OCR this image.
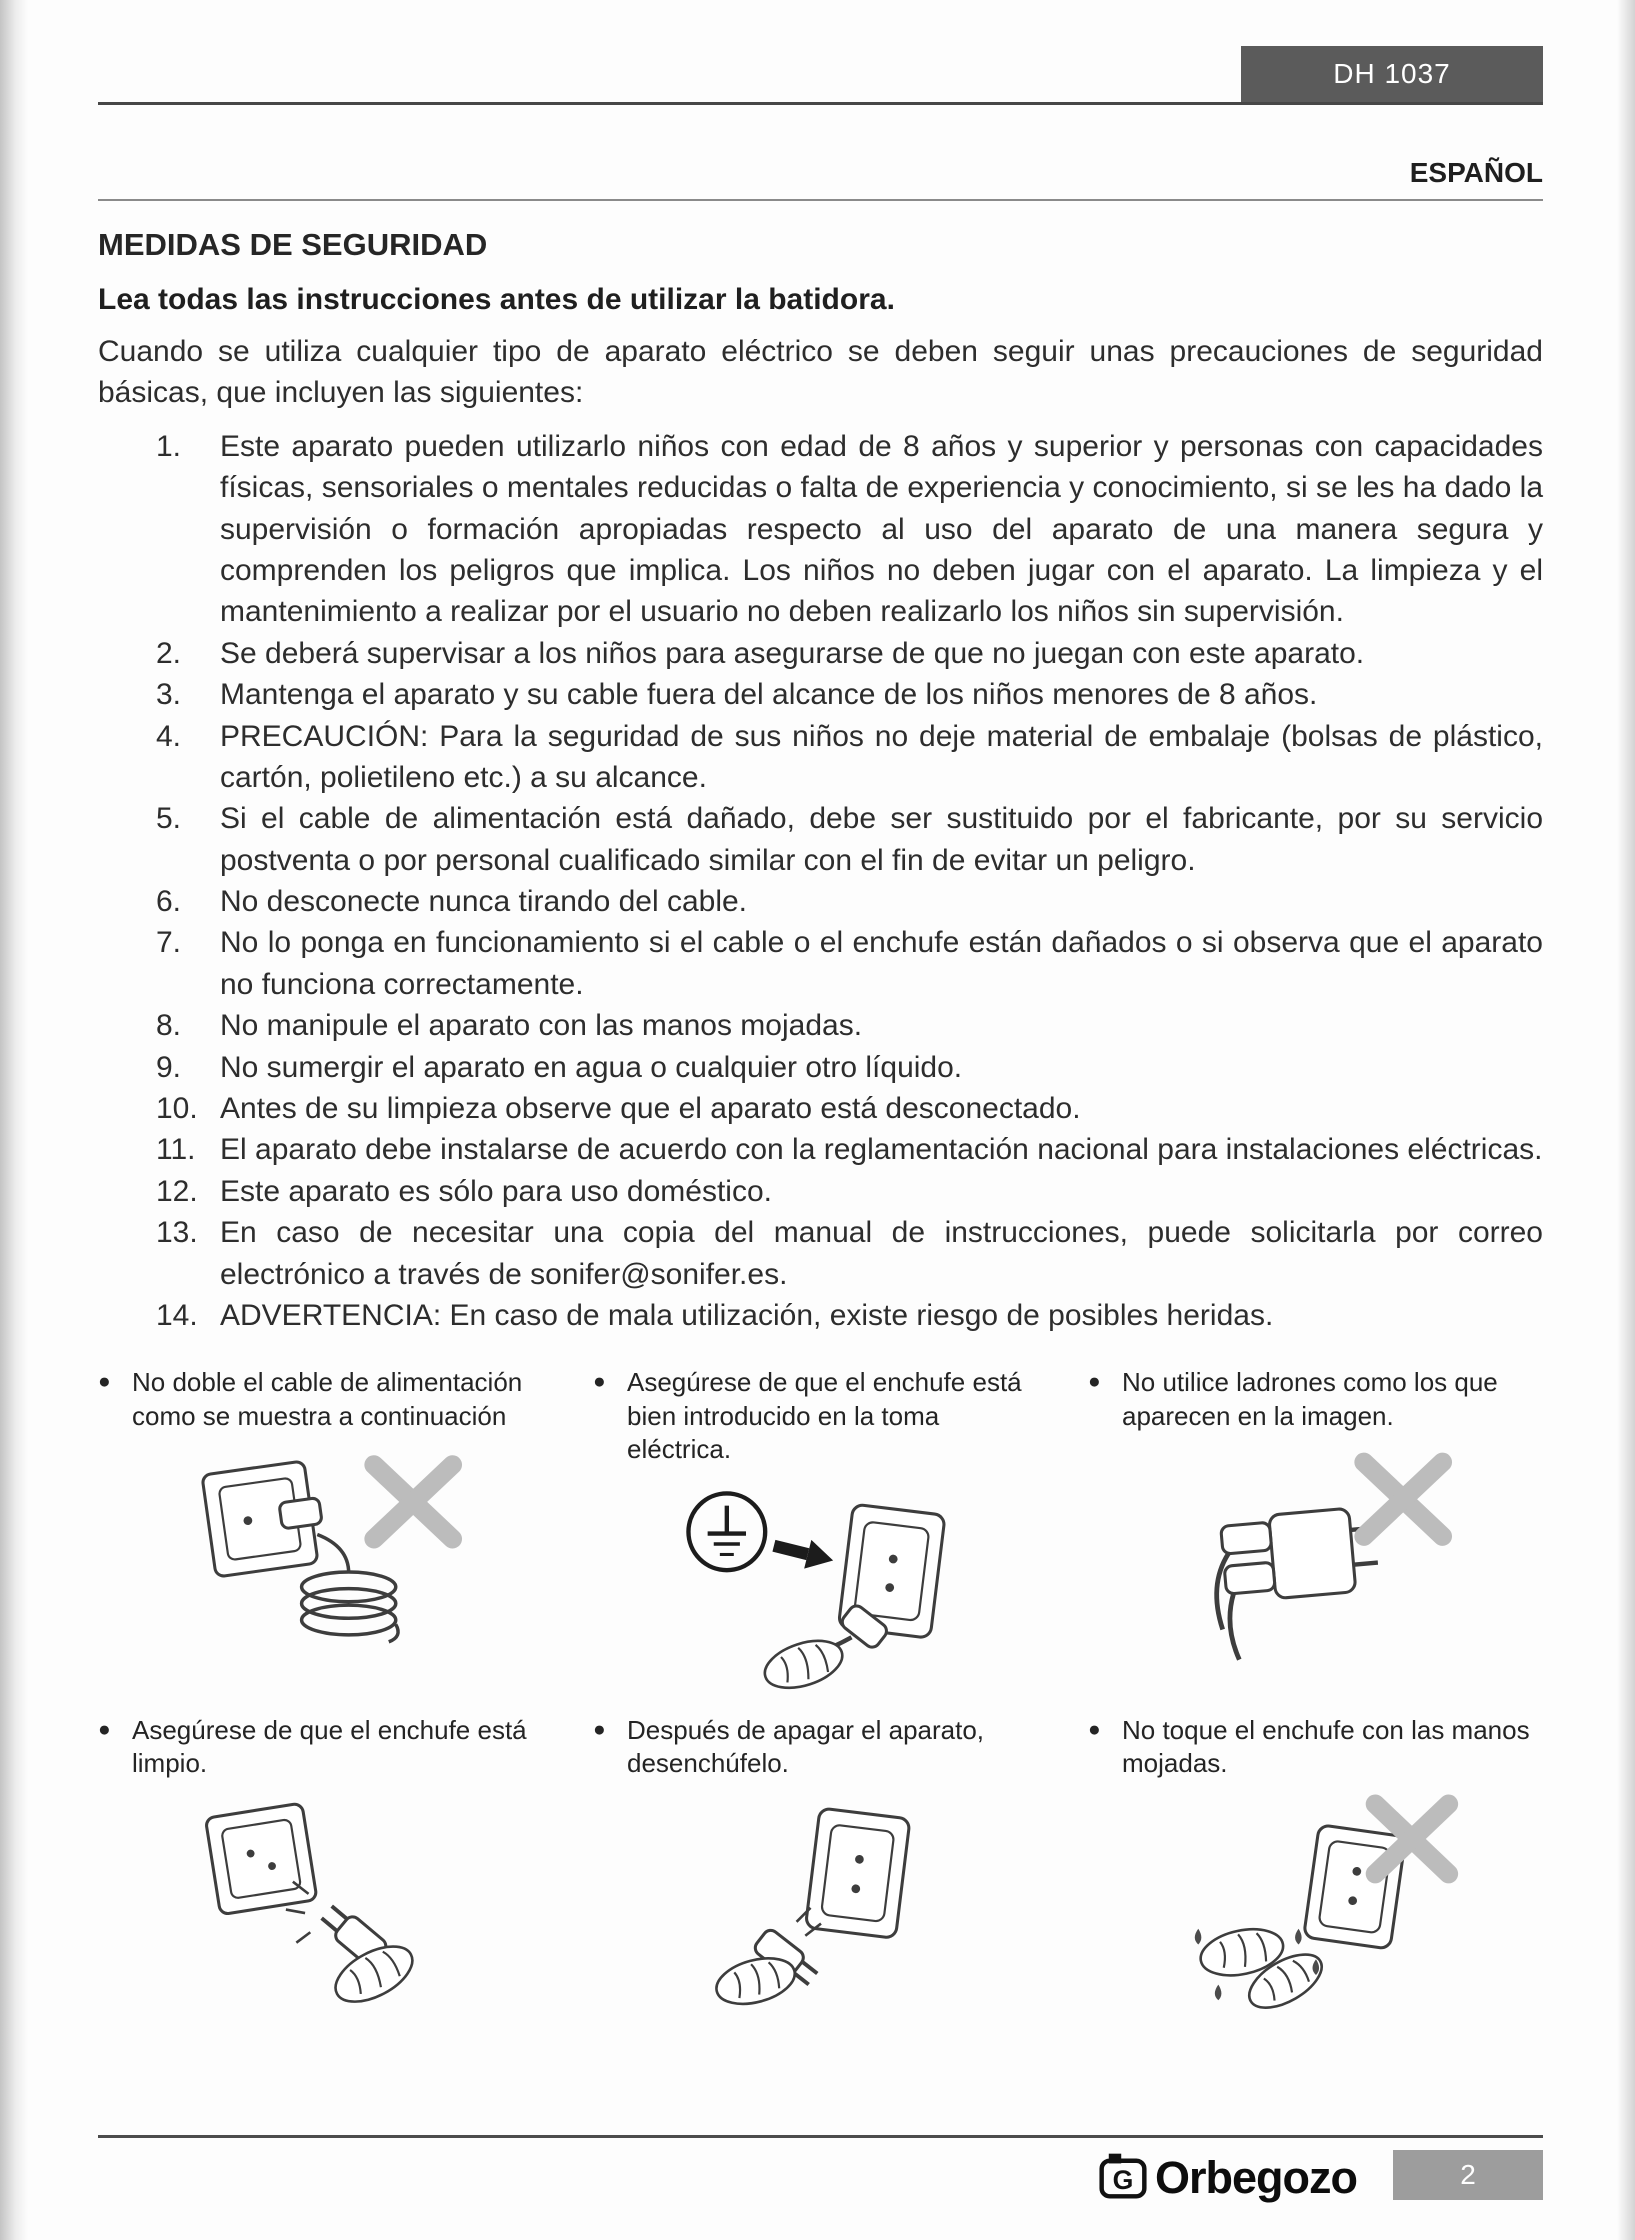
DH 1037
ESPAÑOL
MEDIDAS DE SEGURIDAD

Lea todas las instrucciones antes de utilizar la batidora.

Cuando se utiliza cualquier tipo de aparato eléctrico se deben seguir unas precauciones de seguridad básicas, que incluyen las siguientes:

1.	Este aparato pueden utilizarlo niños con edad de 8 años y superior y personas con capacidades físicas, sensoriales o mentales reducidas o falta de experiencia y conocimiento, si se les ha dado la supervisión o formación apropiadas respecto al uso del aparato de una manera segura y comprenden los peligros que implica. Los niños no deben jugar con el aparato. La limpieza y el mantenimiento a realizar por el usuario no deben realizarlo los niños sin supervisión.
2.	Se deberá supervisar a los niños para asegurarse de que no juegan con este aparato.
3.	Mantenga el aparato y su cable fuera del alcance de los niños menores de 8 años.
4.	PRECAUCIÓN: Para la seguridad de sus niños no deje material de embalaje (bolsas de plástico, cartón, polietileno etc.) a su alcance.
5.	Si el cable de alimentación está dañado, debe ser sustituido por el fabricante, por su servicio postventa o por personal cualificado similar con el fin de evitar un peligro.
6.	No desconecte nunca tirando del cable.
7.	No lo ponga en funcionamiento si el cable o el enchufe están dañados o si observa que el aparato no funciona correctamente.
8.	No manipule el aparato con las manos mojadas.
9.	No sumergir el aparato en agua o cualquier otro líquido.
10. Antes de su limpieza observe que el aparato está desconectado.
11. El aparato debe instalarse de acuerdo con la reglamentación nacional para instalaciones eléctricas.
12. Este aparato es sólo para uso doméstico.
13. En caso de necesitar una copia del manual de instrucciones, puede solicitarla por correo electrónico a través de sonifer@sonifer.es.
14. ADVERTENCIA: En caso de mala utilización, existe riesgo de posibles heridas.
● No doble el cable de alimentación como se muestra a continuación
● Asegúrese de que el enchufe está bien introducido en la toma eléctrica.
● No utilice ladrones como los que aparecen en la imagen.
● Asegúrese de que el enchufe está limpio.
● Después de apagar el aparato, desenchúfelo.
● No toque el enchufe con las manos mojadas.
G Orbegozo	2
